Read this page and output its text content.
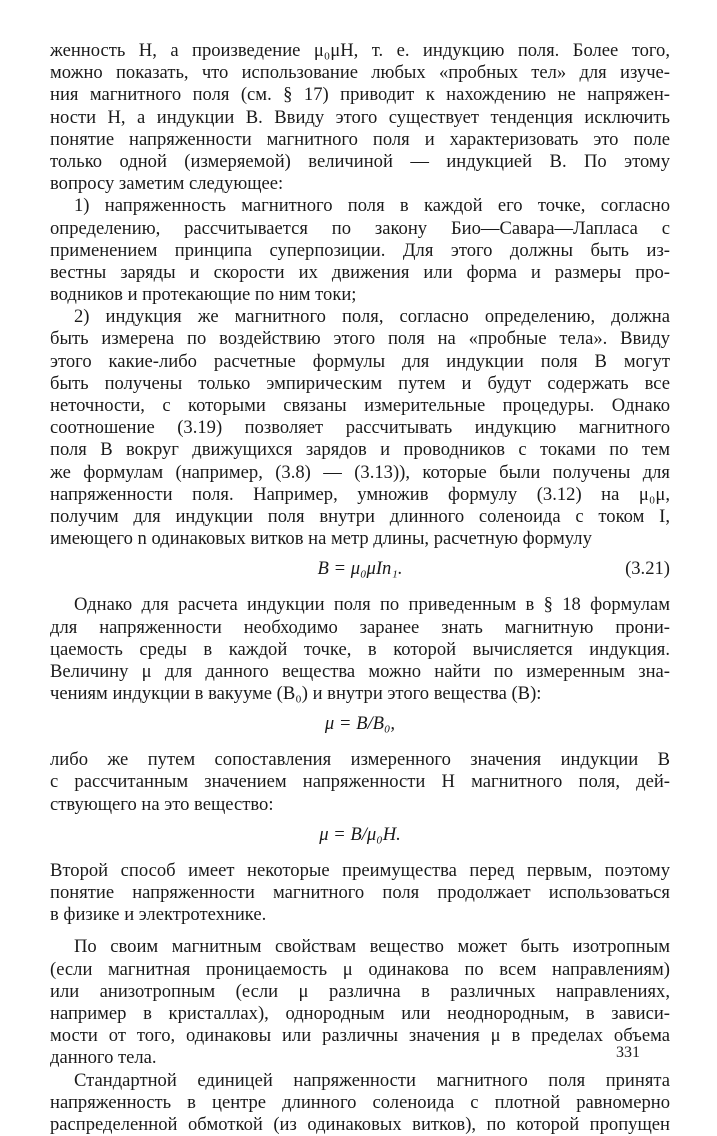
женность H, а произведение μ₀μH, т. е. индукцию поля. Более того,
можно показать, что использование любых «пробных тел» для изуче-
ния магнитного поля (см. § 17) приводит к нахождению не напряжен-
ности H, а индукции B. Ввиду этого существует тенденция исключить
понятие напряженности магнитного поля и характеризовать это поле
только одной (измеряемой) величиной — индукцией B. По этому
вопросу заметим следующее:
1) напряженность магнитного поля в каждой его точке, согласно
определению, рассчитывается по закону Био—Савара—Лапласа с
применением принципа суперпозиции. Для этого должны быть из-
вестны заряды и скорости их движения или форма и размеры про-
водников и протекающие по ним токи;
2) индукция же магнитного поля, согласно определению, должна
быть измерена по воздействию этого поля на «пробные тела». Ввиду
этого какие-либо расчетные формулы для индукции поля B могут
быть получены только эмпирическим путем и будут содержать все
неточности, с которыми связаны измерительные процедуры. Однако
соотношение (3.19) позволяет рассчитывать индукцию магнитного
поля B вокруг движущихся зарядов и проводников с токами по тем
же формулам (например, (3.8) — (3.13)), которые были получены для
напряженности поля. Например, умножив формулу (3.12) на μ₀μ,
получим для индукции поля внутри длинного соленоида с током I,
имеющего n одинаковых витков на метр длины, расчетную формулу
B = μ₀μIn₁.	(3.21)
Однако для расчета индукции поля по приведенным в § 18 формулам
для напряженности необходимо заранее знать магнитную прони-
цаемость среды в каждой точке, в которой вычисляется индукция.
Величину μ для данного вещества можно найти по измеренным зна-
чениям индукции в вакууме (B₀) и внутри этого вещества (B):
μ = B/B₀,
либо же путем сопоставления измеренного значения индукции B
с рассчитанным значением напряженности H магнитного поля, дей-
ствующего на это вещество:
μ = B/μ₀H.
Второй способ имеет некоторые преимущества перед первым, поэтому
понятие напряженности магнитного поля продолжает использоваться
в физике и электротехнике.
По своим магнитным свойствам вещество может быть изотропным
(если магнитная проницаемость μ одинакова по всем направлениям)
или анизотропным (если μ различна в различных направлениях,
например в кристаллах), однородным или неоднородным, в зависи-
мости от того, одинаковы или различны значения μ в пределах объема
данного тела.
Стандартной единицей напряженности магнитного поля принята
напряженность в центре длинного соленоида с плотной равномерно
распределенной обмоткой (из одинаковых витков), по которой пропущен
331
